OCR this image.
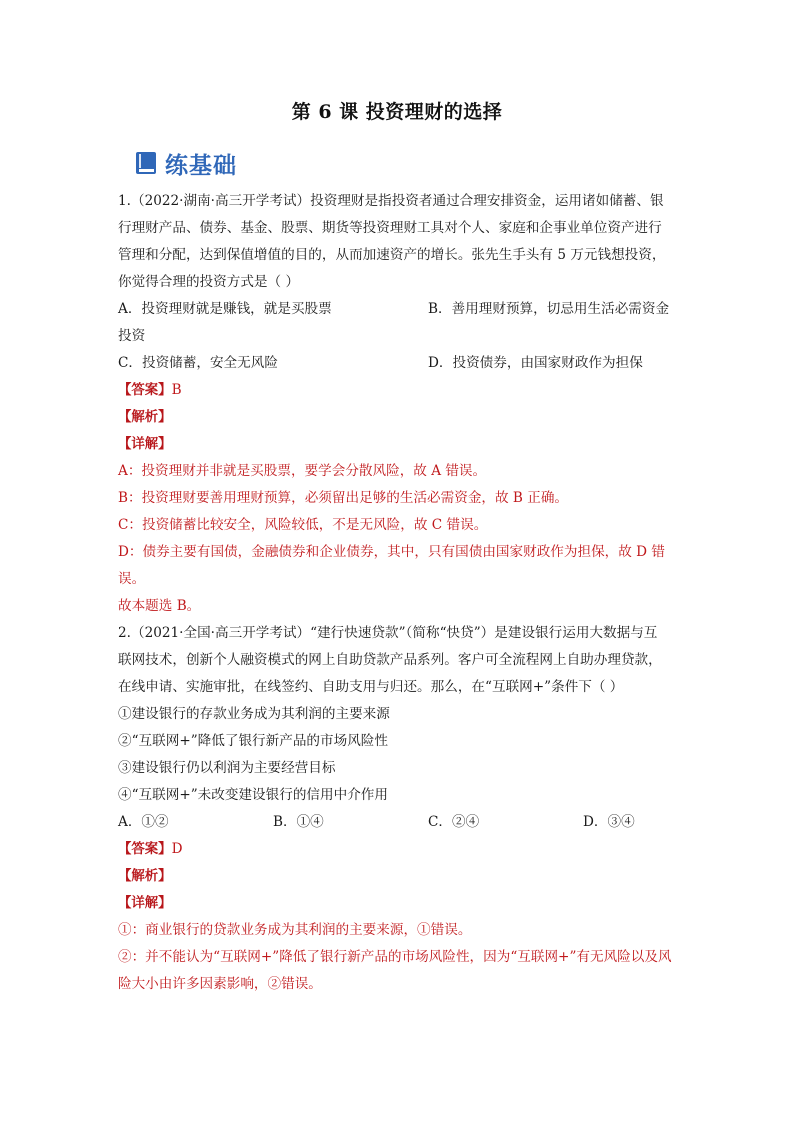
第 6 课 投资理财的选择
练基础
1.（2022·湖南·高三开学考试）投资理财是指投资者通过合理安排资金，运用诸如储蓄、银
行理财产品、债券、基金、股票、期货等投资理财工具对个人、家庭和企事业单位资产进行
管理和分配，达到保值增值的目的，从而加速资产的增长。张先生手头有 5 万元钱想投资，
你觉得合理的投资方式是（ ）
A．投资理财就是赚钱，就是买股票	B．善用理财预算，切忌用生活必需资金
投资
C．投资储蓄，安全无风险	D．投资债券，由国家财政作为担保
【答案】B
【解析】
【详解】
A：投资理财并非就是买股票，要学会分散风险，故 A 错误。
B：投资理财要善用理财预算，必须留出足够的生活必需资金，故 B 正确。
C：投资储蓄比较安全，风险较低，不是无风险，故 C 错误。
D：债券主要有国债，金融债券和企业债券，其中，只有国债由国家财政作为担保，故 D 错
误。
故本题选 B。
2.（2021·全国·高三开学考试）“建行快速贷款”（简称“快贷”）是建设银行运用大数据与互
联网技术，创新个人融资模式的网上自助贷款产品系列。客户可全流程网上自助办理贷款，
在线申请、实施审批，在线签约、自助支用与归还。那么，在“互联网+”条件下（ ）
①建设银行的存款业务成为其利润的主要来源
②“互联网+”降低了银行新产品的市场风险性
③建设银行仍以利润为主要经营目标
④“互联网+”未改变建设银行的信用中介作用
A．①②	B．①④	C．②④	D．③④
【答案】D
【解析】
【详解】
①：商业银行的贷款业务成为其利润的主要来源，①错误。
②：并不能认为“互联网+”降低了银行新产品的市场风险性，因为“互联网+”有无风险以及风
险大小由许多因素影响，②错误。
